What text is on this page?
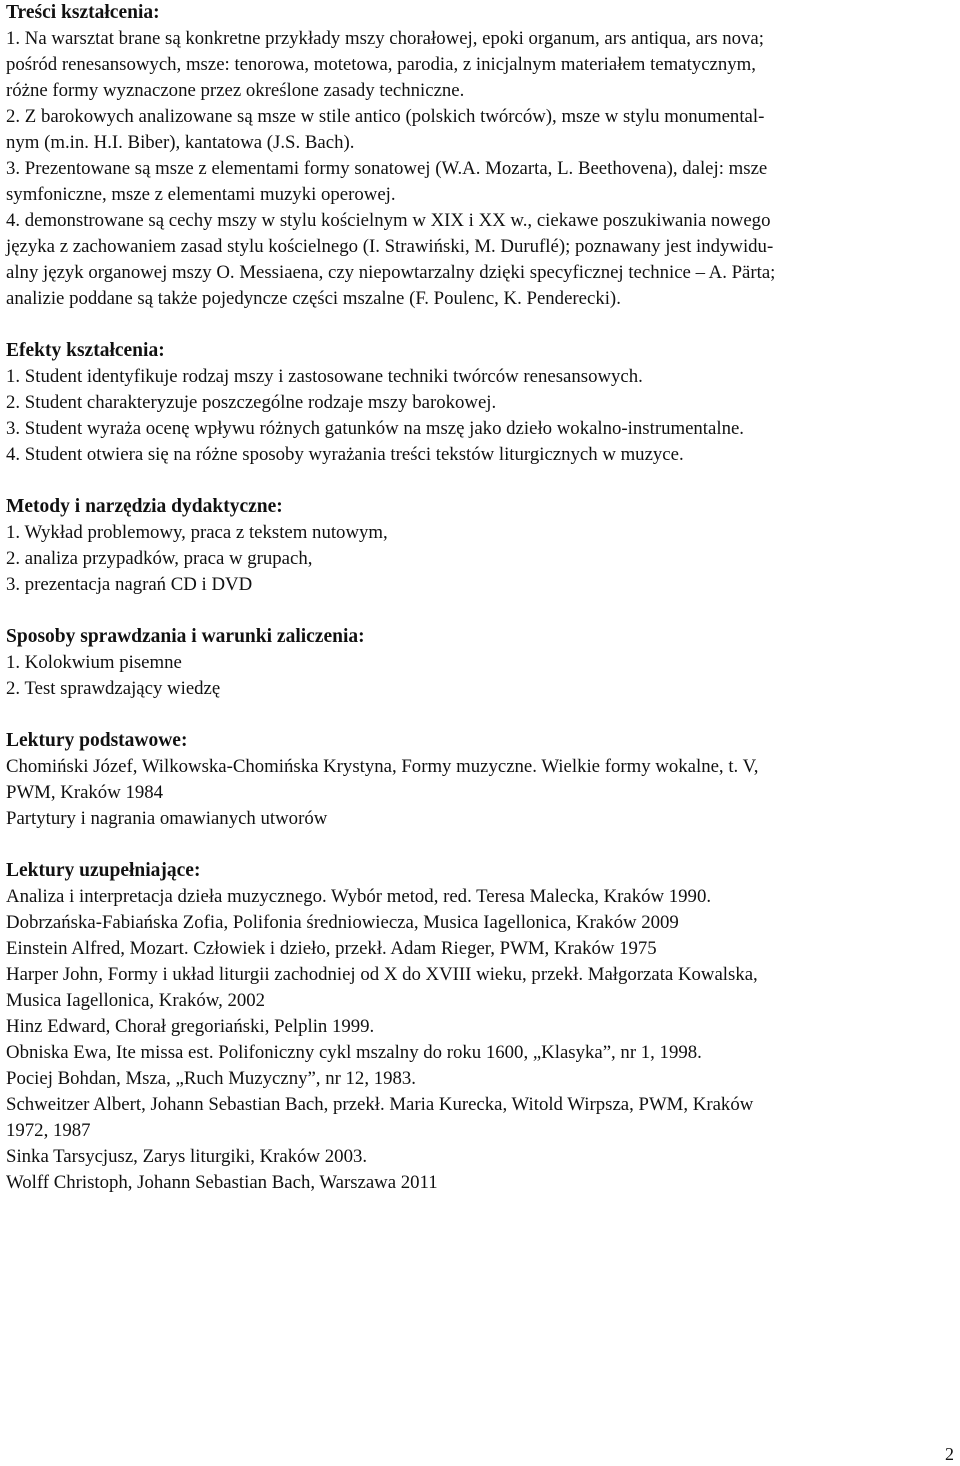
Treści kształcenia:

1. Na warsztat brane są konkretne przykłady mszy chorałowej, epoki organum, ars antiqua, ars nova;

pośród renesansowych, msze: tenorowa, motetowa, parodia, z inicjalnym materiałem tematycznym,

różne formy wyznaczone przez określone zasady techniczne.

2. Z barokowych analizowane są msze w stile antico (polskich twórców), msze w stylu monumental-

nym (m.in. H.I. Biber), kantatowa (J.S. Bach).

3. Prezentowane są msze z elementami formy sonatowej (W.A. Mozarta, L. Beethovena), dalej: msze

symfoniczne, msze z elementami muzyki operowej.

4. demonstrowane są cechy mszy w stylu kościelnym w XIX i XX w., ciekawe poszukiwania nowego

języka z zachowaniem zasad stylu kościelnego (I. Strawiński, M. Duruflé); poznawany jest indywidu-

alny język organowej mszy O. Messiaena, czy niepowtarzalny dzięki specyficznej technice – A. Pärta;

analizie poddane są także pojedyncze części mszalne (F. Poulenc, K. Penderecki).

Efekty kształcenia:

1. Student identyfikuje rodzaj mszy i zastosowane techniki twórców renesansowych.

2. Student charakteryzuje poszczególne rodzaje mszy barokowej.

3. Student wyraża ocenę wpływu różnych gatunków na mszę jako dzieło wokalno-instrumentalne.

4. Student otwiera się na różne sposoby wyrażania treści tekstów liturgicznych w muzyce.

Metody i narzędzia dydaktyczne:

1. Wykład problemowy, praca z tekstem nutowym,

2. analiza przypadków, praca w grupach,

3. prezentacja nagrań CD i DVD

Sposoby sprawdzania i warunki zaliczenia:

1. Kolokwium pisemne

2. Test sprawdzający wiedzę

Lektury podstawowe:

Chomiński Józef, Wilkowska-Chomińska Krystyna, Formy muzyczne. Wielkie formy wokalne, t. V,

PWM, Kraków 1984

Partytury i nagrania omawianych utworów

Lektury uzupełniające:

Analiza i interpretacja dzieła muzycznego. Wybór metod, red. Teresa Malecka, Kraków 1990.

Dobrzańska-Fabiańska Zofia, Polifonia średniowiecza, Musica Iagellonica, Kraków 2009

Einstein Alfred, Mozart. Człowiek i dzieło, przekł. Adam Rieger, PWM, Kraków 1975

Harper John, Formy i układ liturgii zachodniej od X do XVIII wieku, przekł. Małgorzata Kowalska,

Musica Iagellonica, Kraków, 2002

Hinz Edward, Chorał gregoriański, Pelplin 1999.

Obniska Ewa, Ite missa est. Polifoniczny cykl mszalny do roku 1600, „Klasyka”, nr 1, 1998.

Pociej Bohdan, Msza, „Ruch Muzyczny”, nr 12, 1983.

Schweitzer Albert, Johann Sebastian Bach, przekł. Maria Kurecka, Witold Wirpsza, PWM, Kraków

1972, 1987

Sinka Tarsycjusz, Zarys liturgiki, Kraków 2003.

Wolff Christoph, Johann Sebastian Bach, Warszawa 2011

2
